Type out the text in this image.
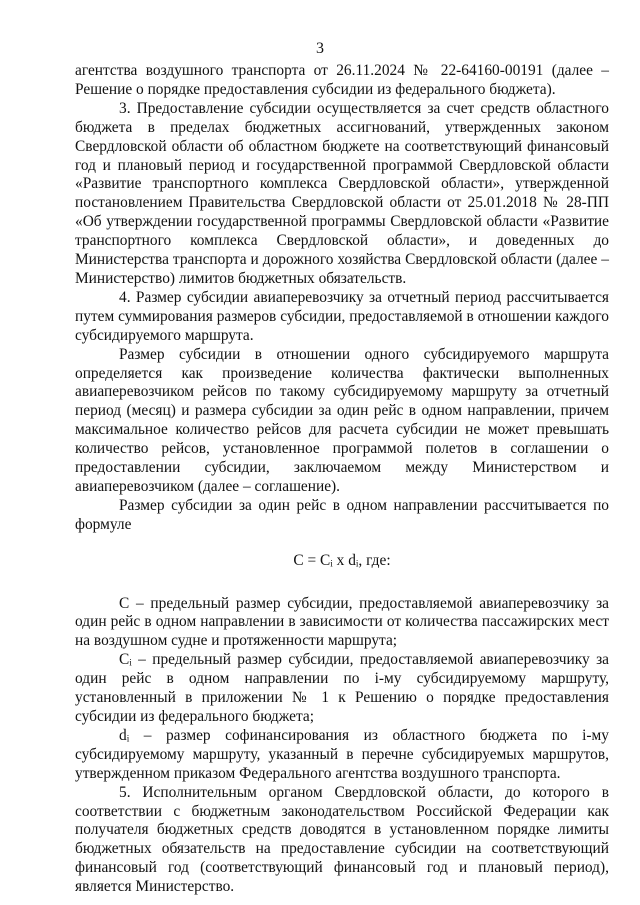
3

агентства воздушного транспорта от 26.11.2024 № 22-64160-00191 (далее – Решение о порядке предоставления субсидии из федерального бюджета).

3. Предоставление субсидии осуществляется за счет средств областного бюджета в пределах бюджетных ассигнований, утвержденных законом Свердловской области об областном бюджете на соответствующий финансовый год и плановый период и государственной программой Свердловской области «Развитие транспортного комплекса Свердловской области», утвержденной постановлением Правительства Свердловской области от 25.01.2018 № 28-ПП «Об утверждении государственной программы Свердловской области «Развитие транспортного комплекса Свердловской области», и доведенных до Министерства транспорта и дорожного хозяйства Свердловской области (далее – Министерство) лимитов бюджетных обязательств.

4. Размер субсидии авиаперевозчику за отчетный период рассчитывается путем суммирования размеров субсидии, предоставляемой в отношении каждого субсидируемого маршрута.

Размер субсидии в отношении одного субсидируемого маршрута определяется как произведение количества фактически выполненных авиаперевозчиком рейсов по такому субсидируемому маршруту за отчетный период (месяц) и размера субсидии за один рейс в одном направлении, причем максимальное количество рейсов для расчета субсидии не может превышать количество рейсов, установленное программой полетов в соглашении о предоставлении субсидии, заключаемом между Министерством и авиаперевозчиком (далее – соглашение).

Размер субсидии за один рейс в одном направлении рассчитывается по формуле

C = Cᵢ x dᵢ, где:

C – предельный размер субсидии, предоставляемой авиаперевозчику за один рейс в одном направлении в зависимости от количества пассажирских мест на воздушном судне и протяженности маршрута;

Cᵢ – предельный размер субсидии, предоставляемой авиаперевозчику за один рейс в одном направлении по i-му субсидируемому маршруту, установленный в приложении № 1 к Решению о порядке предоставления субсидии из федерального бюджета;

dᵢ – размер софинансирования из областного бюджета по i-му субсидируемому маршруту, указанный в перечне субсидируемых маршрутов, утвержденном приказом Федерального агентства воздушного транспорта.

5. Исполнительным органом Свердловской области, до которого в соответствии с бюджетным законодательством Российской Федерации как получателя бюджетных средств доводятся в установленном порядке лимиты бюджетных обязательств на предоставление субсидии на соответствующий финансовый год (соответствующий финансовый год и плановый период), является Министерство.
